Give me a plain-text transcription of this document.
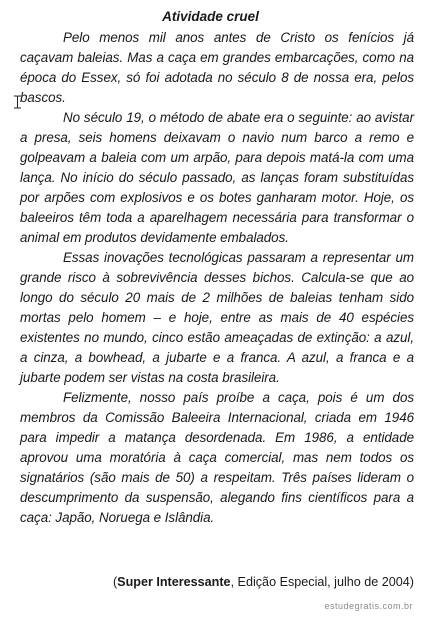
Atividade cruel

Pelo menos mil anos antes de Cristo os fenícios já caçavam baleias. Mas a caça em grandes embarcações, como na época do Essex, só foi adotada no século 8 de nossa era, pelos bascos.

No século 19, o método de abate era o seguinte: ao avistar a presa, seis homens deixavam o navio num barco a remo e golpeavam a baleia com um arpão, para depois matá-la com uma lança. No início do século passado, as lanças foram substituídas por arpões com explosivos e os botes ganharam motor. Hoje, os baleeiros têm toda a aparelhagem necessária para transformar o animal em produtos devidamente embalados.

Essas inovações tecnológicas passaram a representar um grande risco à sobrevivência desses bichos. Calcula-se que ao longo do século 20 mais de 2 milhões de baleias tenham sido mortas pelo homem – e hoje, entre as mais de 40 espécies existentes no mundo, cinco estão ameaçadas de extinção: a azul, a cinza, a bowhead, a jubarte e a franca. A azul, a franca e a jubarte podem ser vistas na costa brasileira.

Felizmente, nosso país proíbe a caça, pois é um dos membros da Comissão Baleeira Internacional, criada em 1946 para impedir a matança desordenada. Em 1986, a entidade aprovou uma moratória à caça comercial, mas nem todos os signatários (são mais de 50) a respeitam. Três países lideram o descumprimento da suspensão, alegando fins científicos para a caça: Japão, Noruega e Islândia.

(Super Interessante, Edição Especial, julho de 2004)
estudegratis.com.br
